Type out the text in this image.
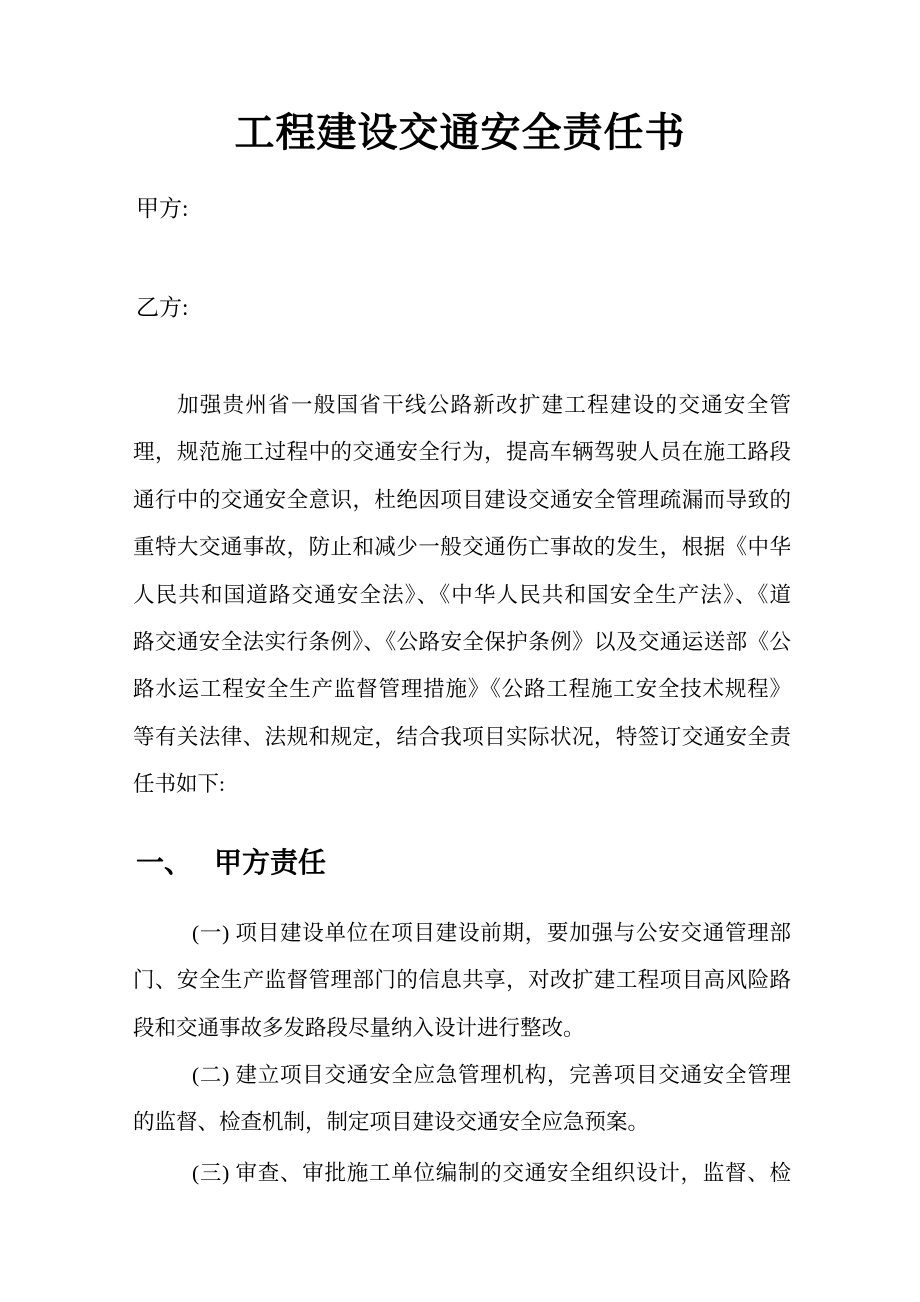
工程建设交通安全责任书
甲方:
乙方:
加强贵州省一般国省干线公路新改扩建工程建设的交通安全管
理，规范施工过程中的交通安全行为，提高车辆驾驶人员在施工路段
通行中的交通安全意识，杜绝因项目建设交通安全管理疏漏而导致的
重特大交通事故，防止和减少一般交通伤亡事故的发生，根据《中华
人民共和国道路交通安全法》、《中华人民共和国安全生产法》、《道
路交通安全法实行条例》、《公路安全保护条例》以及交通运送部《公
路水运工程安全生产监督管理措施》《公路工程施工安全技术规程》
等有关法律、法规和规定，结合我项目实际状况，特签订交通安全责
任书如下:
一、 甲方责任
(一) 项目建设单位在项目建设前期，要加强与公安交通管理部
门、安全生产监督管理部门的信息共享，对改扩建工程项目高风险路
段和交通事故多发路段尽量纳入设计进行整改。
(二) 建立项目交通安全应急管理机构，完善项目交通安全管理
的监督、检查机制，制定项目建设交通安全应急预案。
(三) 审查、审批施工单位编制的交通安全组织设计，监督、检
